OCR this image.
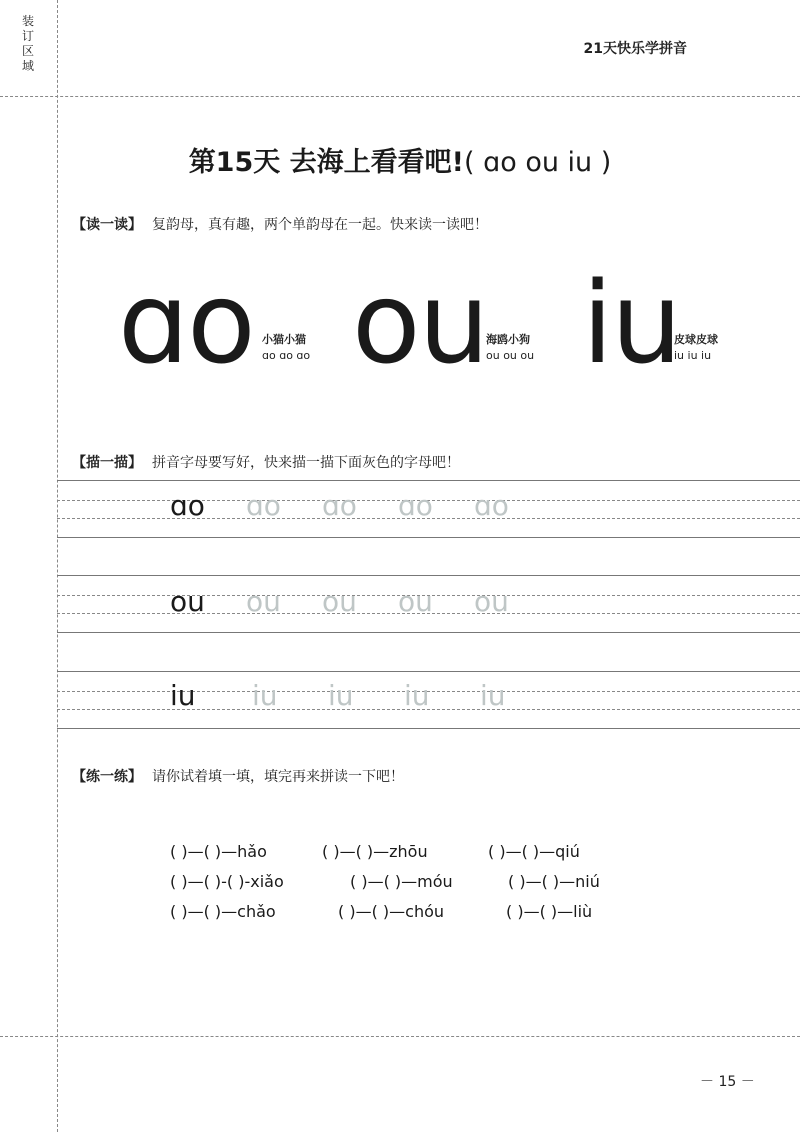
装
订
区
域
21天快乐学拼音
第15天 去海上看看吧!( ɑo ou iu )
【读一读】 复韵母，真有趣，两个单韵母在一起。快来读一读吧！
ɑo 小猫小猫
ɑo ɑo ɑo ou
海鸥小狗
ou ou ou iu
皮球皮球
iu iu iu
【描一描】 拼音字母要写好，快来描一描下面灰色的字母吧！
ɑo ɑo ɑo ɑo ɑo
ou ou ou ou ou
iu iu iu iu iu
【练一练】 请你试着填一填，填完再来拼读一下吧！
( )—( )—hǎo	( )—( )—zhōu	( )—( )—qiú
( )—( )-( )-xiǎo	( )—( )—móu	( )—( )—niú
( )—( )—chǎo	( )—( )—chóu	( )—( )—liù
－ 15 －
